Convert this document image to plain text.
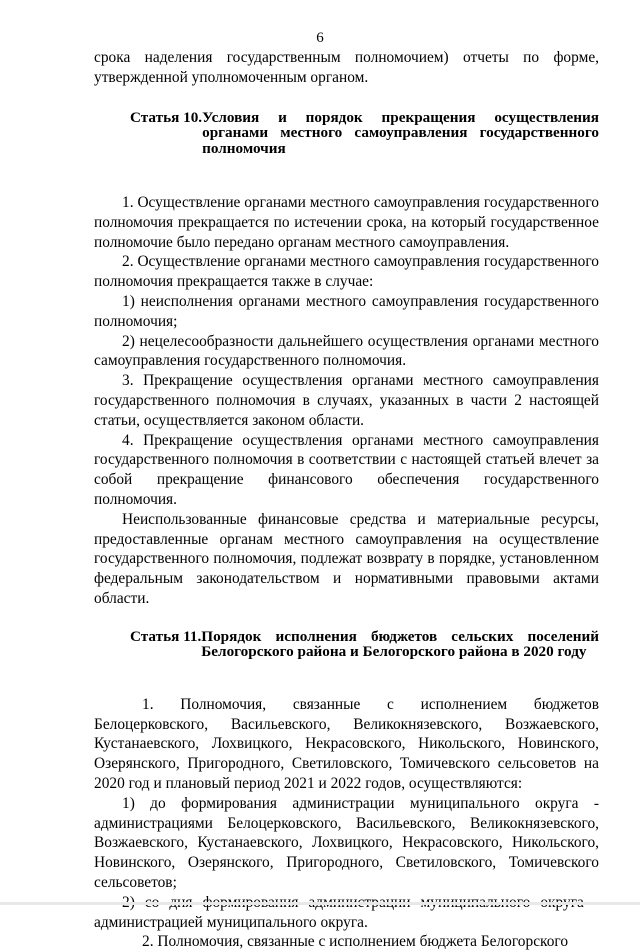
6

срока наделения государственным полномочием) отчеты по форме, утвержденной уполномоченным органом.

Статья 10. Условия и порядок прекращения осуществления органами местного самоуправления государственного полномочия

1. Осуществление органами местного самоуправления государственного полномочия прекращается по истечении срока, на который государственное полномочие было передано органам местного самоуправления.

2. Осуществление органами местного самоуправления государственного полномочия прекращается также в случае:

1) неисполнения органами местного самоуправления государственного полномочия;

2) нецелесообразности дальнейшего осуществления органами местного самоуправления государственного полномочия.

3. Прекращение осуществления органами местного самоуправления государственного полномочия в случаях, указанных в части 2 настоящей статьи, осуществляется законом области.

4. Прекращение осуществления органами местного самоуправления государственного полномочия в соответствии с настоящей статьей влечет за собой прекращение финансового обеспечения государственного полномочия.

Неиспользованные финансовые средства и материальные ресурсы, предоставленные органам местного самоуправления на осуществление государственного полномочия, подлежат возврату в порядке, установленном федеральным законодательством и нормативными правовыми актами области.

Статья 11. Порядок исполнения бюджетов сельских поселений Белогорского района и Белогорского района в 2020 году

1. Полномочия, связанные с исполнением бюджетов Белоцерковского, Васильевского, Великокнязевского, Возжаевского, Кустанаевского, Лохвицкого, Некрасовского, Никольского, Новинского, Озерянского, Пригородного, Светиловского, Томичевского сельсоветов на 2020 год и плановый период 2021 и 2022 годов, осуществляются:

1) до формирования администрации муниципального округа - администрациями Белоцерковского, Васильевского, Великокнязевского, Возжаевского, Кустанаевского, Лохвицкого, Некрасовского, Никольского, Новинского, Озерянского, Пригородного, Светиловского, Томичевского сельсоветов;

администрацией муниципального округа.

2. Полномочия, связанные с исполнением бюджета Белогорского
